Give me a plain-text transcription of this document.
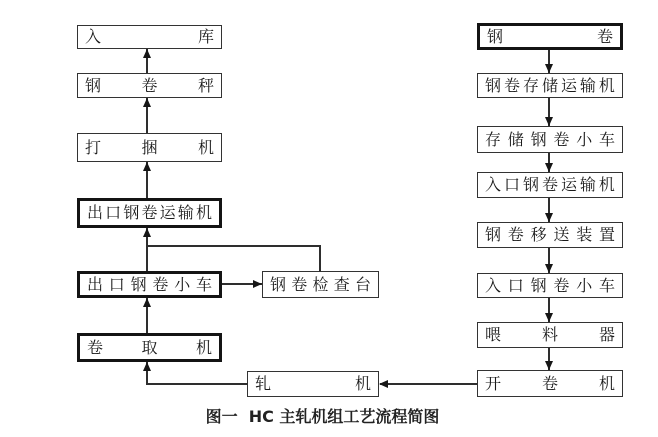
入	库
钢	卷	秤
打	捆	机
出 口 钢 卷 运 输 机
出 口 钢 卷 小 车
卷 取 机
钢 卷 检 查 台
轧	机
钢	卷
钢 卷 存 储 运 输 机
存 储 钢 卷 小 车
入 口 钢 卷 运 输 机
钢 卷 移 送 装 置
入 口 钢 卷 小 车
喂	料	器
开	卷	机
图一  HC 主轧机组工艺流程简图
